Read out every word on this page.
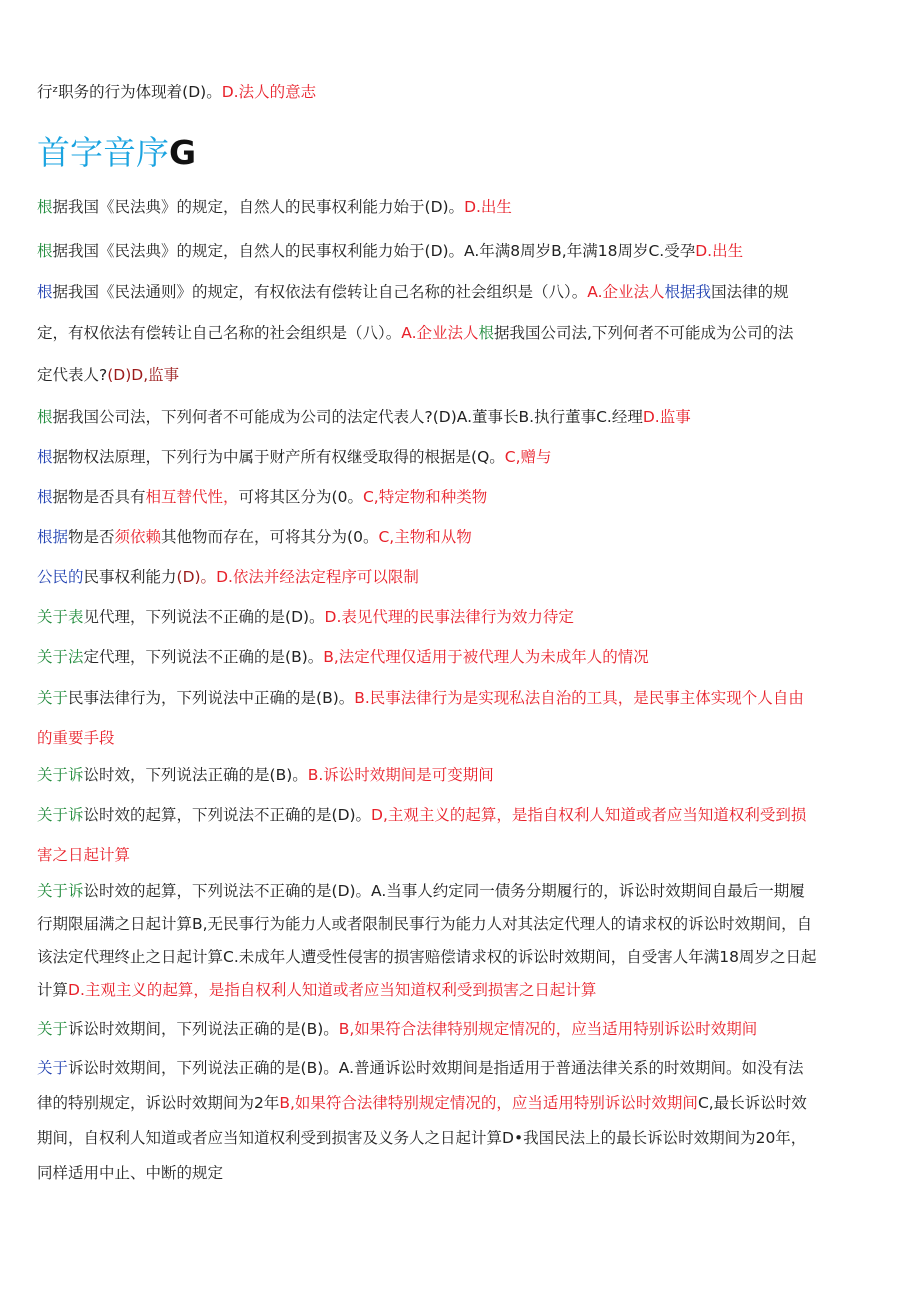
行ᶻ职务的行为体现着(D)。D.法人的意志
首字音序G
根据我国《民法典》的规定，自然人的民事权利能力始于(D)。D.出生
根据我国《民法典》的规定，自然人的民事权利能力始于(D)。A.年满8周岁B,年满18周岁C.受孕D.出生
根据我国《民法通则》的规定，有权依法有偿转让自己名称的社会组织是（八）。A.企业法人根据我国法律的规
定，有权依法有偿转让自己名称的社会组织是（八）。A.企业法人根据我国公司法,下列何者不可能成为公司的法
定代表人?(D)D,监事
根据我国公司法，下列何者不可能成为公司的法定代表人?(D)A.董事长B.执行董事C.经理D.监事
根据物权法原理，下列行为中属于财产所有权继受取得的根据是(Q。C,赠与
根据物是否具有相互替代性，可将其区分为(0。C,特定物和种类物
根据物是否须依赖其他物而存在，可将其分为(0。C,主物和从物
公民的民事权利能力(D)。D.依法并经法定程序可以限制
关于表见代理，下列说法不正确的是(D)。D.表见代理的民事法律行为效力待定
关于法定代理，下列说法不正确的是(B)。B,法定代理仅适用于被代理人为未成年人的情况
关于民事法律行为，下列说法中正确的是(B)。B.民事法律行为是实现私法自治的工具，是民事主体实现个人自由
的重要手段
关于诉讼时效，下列说法正确的是(B)。B.诉讼时效期间是可变期间
关于诉讼时效的起算，下列说法不正确的是(D)。D,主观主义的起算，是指自权利人知道或者应当知道权利受到损
害之日起计算
关于诉讼时效的起算，下列说法不正确的是(D)。A.当事人约定同一债务分期履行的，诉讼时效期间自最后一期履
行期限届满之日起计算B,无民事行为能力人或者限制民事行为能力人对其法定代理人的请求权的诉讼时效期间，自
该法定代理终止之日起计算C.未成年人遭受性侵害的损害赔偿请求权的诉讼时效期间，自受害人年满18周岁之日起
计算D.主观主义的起算，是指自权利人知道或者应当知道权利受到损害之日起计算
关于诉讼时效期间，下列说法正确的是(B)。B,如果符合法律特别规定情况的，应当适用特别诉讼时效期间
关于诉讼时效期间，下列说法正确的是(B)。A.普通诉讼时效期间是指适用于普通法律关系的时效期间。如没有法
律的特别规定，诉讼时效期间为2年B,如果符合法律特别规定情况的，应当适用特别诉讼时效期间C,最长诉讼时效
期间，自权利人知道或者应当知道权利受到损害及义务人之日起计算D•我国民法上的最长诉讼时效期间为20年，
同样适用中止、中断的规定
